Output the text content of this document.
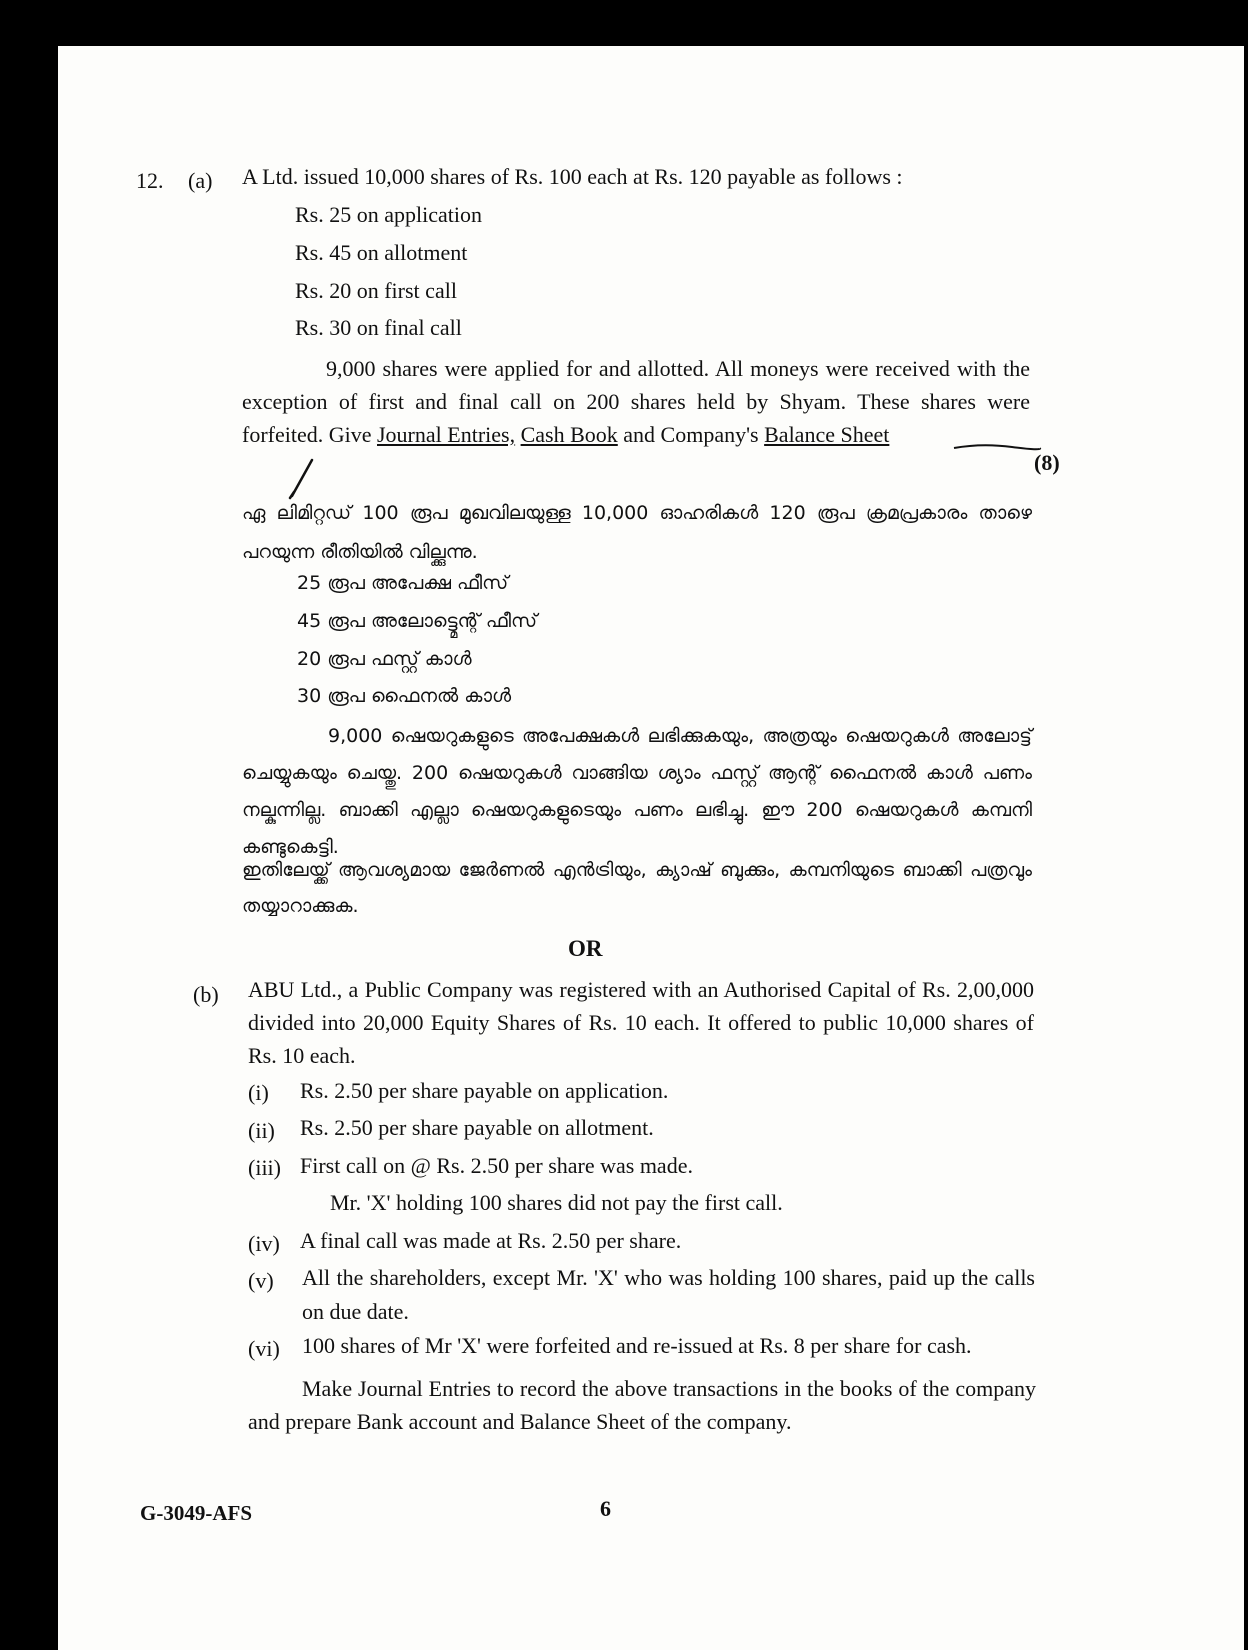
12. (a) A Ltd. issued 10,000 shares of Rs. 100 each at Rs. 120 payable as follows :
Rs. 25 on application
Rs. 45 on allotment
Rs. 20 on first call
Rs. 30 on final call
9,000 shares were applied for and allotted. All moneys were received with the exception of first and final call on 200 shares held by Shyam. These shares were forfeited. Give Journal Entries, Cash Book and Company's Balance Sheet
(8)
ഏ ലിമിറ്റഡ് 100 രൂപ മുഖവിലയുള്ള 10,000 ഓഹരികൾ 120 രൂപ ക്രമപ്രകാരം താഴെ പറയുന്ന രീതിയിൽ വില്ക്കുന്നു.
25 രൂപ അപേക്ഷ ഫീസ്
45 രൂപ അലോട്ട്മെന്റ് ഫീസ്
20 രൂപ ഫസ്റ്റ് കാൾ
30 രൂപ ഫൈനൽ കാൾ
9,000 ഷെയറുകളുടെ അപേക്ഷകൾ ലഭിക്കുകയും, അത്രയും ഷെയറുകൾ അലോട്ട് ചെയ്യുകയും ചെയ്തു. 200 ഷെയറുകൾ വാങ്ങിയ ശ്യാം ഫസ്റ്റ് ആന്റ് ഫൈനൽ കാൾ പണം നല്കുന്നില്ല. ബാക്കി എല്ലാ ഷെയറുകളുടെയും പണം ലഭിച്ചു. ഈ 200 ഷെയറുകൾ കമ്പനി കണ്ടുകെട്ടി.
ഇതിലേയ്ക്ക് ആവശ്യമായ ജേർണൽ എൻട്രിയും, ക്യാഷ് ബുക്കും, കമ്പനിയുടെ ബാക്കി പത്രവും തയ്യാറാക്കുക.
OR
(b) ABU Ltd., a Public Company was registered with an Authorised Capital of Rs. 2,00,000 divided into 20,000 Equity Shares of Rs. 10 each. It offered to public 10,000 shares of Rs. 10 each.
(i) Rs. 2.50 per share payable on application.
(ii) Rs. 2.50 per share payable on allotment.
(iii) First call on @ Rs. 2.50 per share was made.
Mr. 'X' holding 100 shares did not pay the first call.
(iv) A final call was made at Rs. 2.50 per share.
(v) All the shareholders, except Mr. 'X' who was holding 100 shares, paid up the calls on due date.
(vi) 100 shares of Mr 'X' were forfeited and re-issued at Rs. 8 per share for cash.
Make Journal Entries to record the above transactions in the books of the company and prepare Bank account and Balance Sheet of the company.
G-3049-AFS	6
